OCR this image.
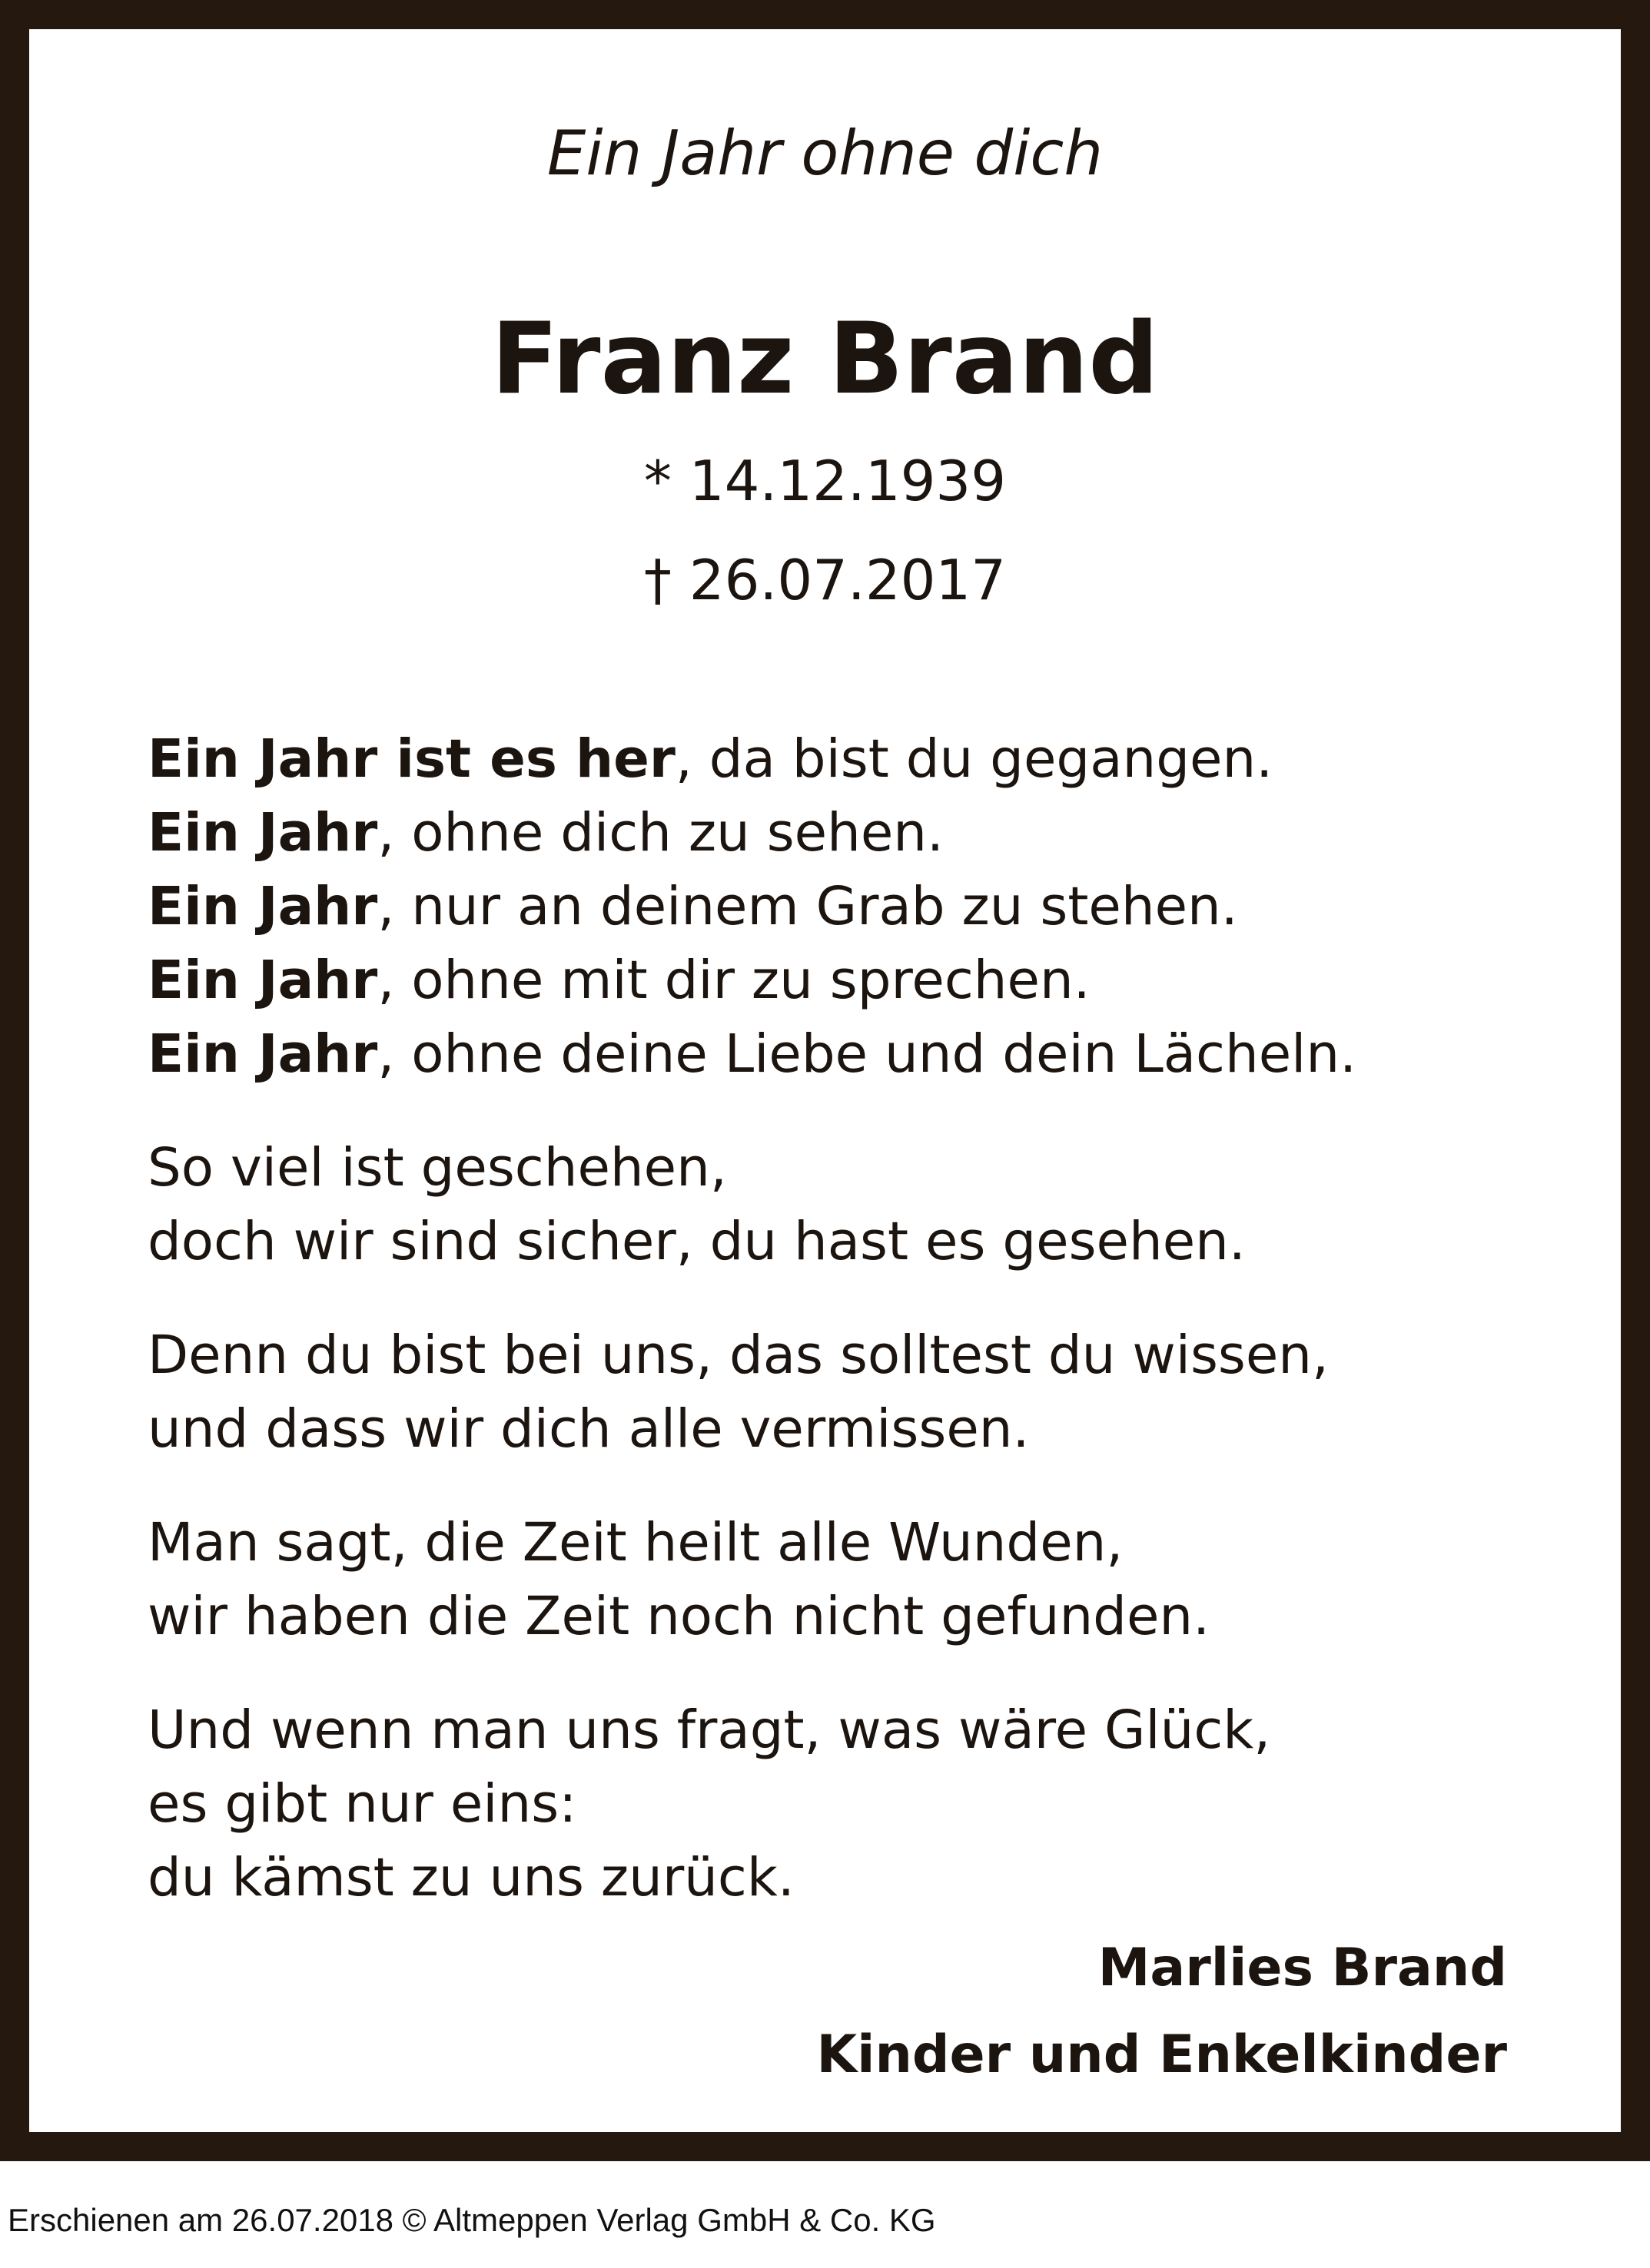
Ein Jahr ohne dich
Franz Brand
* 14.12.1939
† 26.07.2017
Ein Jahr ist es her, da bist du gegangen.
Ein Jahr, ohne dich zu sehen.
Ein Jahr, nur an deinem Grab zu stehen.
Ein Jahr, ohne mit dir zu sprechen.
Ein Jahr, ohne deine Liebe und dein Lächeln.
So viel ist geschehen,
doch wir sind sicher, du hast es gesehen.
Denn du bist bei uns, das solltest du wissen,
und dass wir dich alle vermissen.
Man sagt, die Zeit heilt alle Wunden,
wir haben die Zeit noch nicht gefunden.
Und wenn man uns fragt, was wäre Glück,
es gibt nur eins:
du kämst zu uns zurück.
Marlies Brand
Kinder und Enkelkinder
Erschienen am 26.07.2018 © Altmeppen Verlag GmbH & Co. KG
